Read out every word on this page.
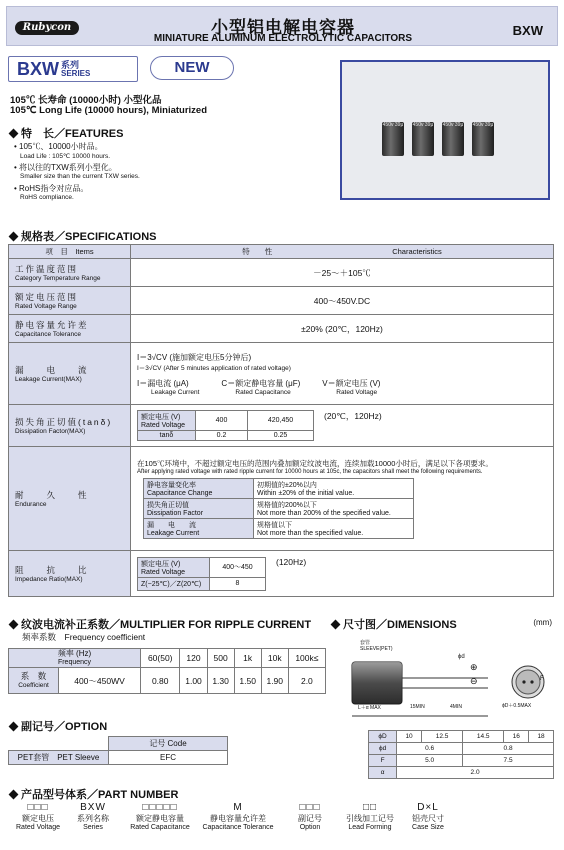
Rubycon	小型铝电解电容器
MINIATURE ALUMINUM ELECTROLYTIC CAPACITORS
BXW
BXW 系列
SERIES	NEW
450v 39μ 450v 39μ 450v 39μ 450v 39μ
105℃ 长寿命 (10000小时) 小型化品
105℃ Long Life (10000 hours), Miniaturized
特　长／FEATURES
• 105℃、10000小时品。
Load Life : 105℃ 10000 hours.
• 将以往的TXW系列小型化。
Smaller size than the current TXW series.
• RoHS指令对应品。
RoHS compliance.
规格表／SPECIFICATIONS
项　目　 Items	特　　性	Characteristics

工作温度范围
Category Temperature Range
	－25～＋105℃

额定电压范围
Rated Voltage Range
	400～450V.DC

静电容量允许差
Capacitance Tolerance
	±20% (20℃，120Hz)

漏　　电　　流
Leakage Current(MAX)

I＝3√CV (施加额定电压5分钟后)
I＝3√CV (After 5 minutes application of rated voltage)
I＝漏电流 (μA)
Leakage Current
C＝额定静电容量 (μF)
Rated Capacitance
V＝额定电压 (V)
Rated Voltage

损失角正切值(tanδ)
Dissipation Factor(MAX)

额定电压 (V)
Rated Voltage
	400	420,450
tanδ	0.2	0.25
(20℃，120Hz)

耐　　久　　性
Endurance

在105℃环境中，不超过额定电压的范围内叠加额定纹波电流，连续加载10000小时后，满足以下各项要求。
After applying rated voltage with rated ripple current for 10000 hours at 105c, the capacitors shall meet the following requirements.
静电容量变化率
Capacitance Change

初期值的±20%以内
Within ±20% of the initial value.

损失角正切值
Dissipation Factor

规格值的200%以下
Not more than 200% of the specified value.

漏　　电　　流
Leakage Current

规格值以下
Not more than the specified value.

阻　　抗　　比
Impedance Ratio(MAX)

额定电压 (V)
Rated Voltage
	400～450
Z(−25℃)／Z(20℃)	8
(120Hz)
纹波电流补正系数／MULTIPLIER FOR RIPPLE CURRENT
频率系数　 Frequency coefficient
频率 (Hz)
Frequency		60(50)	120	500	1k	10k	100k≤

系　数
Coefficient	400～450WV	0.80	1.00	1.30	1.50	1.90	2.0
尺寸图／DIMENSIONS	(mm)
套管 SLEEVE(PET)
ϕd
⊕
⊖	F
L＋α MAX	15MIN	4MIN	ϕD＋0.5MAX
ϕD	10	12.5	14.5	16	18
ϕd	0.6		0.8		
F	5.0		7.5		
α	2.0				
副记号／OPTION
	记号 Code
PET套管　 PET Sleeve	EFC
产品型号体系／PART NUMBER
□□□
额定电压
Rated Voltage
BXW
系列名称
Series
□□□□□
额定静电容量
Rated Capacitance
M
静电容量允许差
Capacitance Tolerance
□□□
副记号
Option
□□
引线加工记号
Lead Forming
D×L
铝壳尺寸
Case Size
